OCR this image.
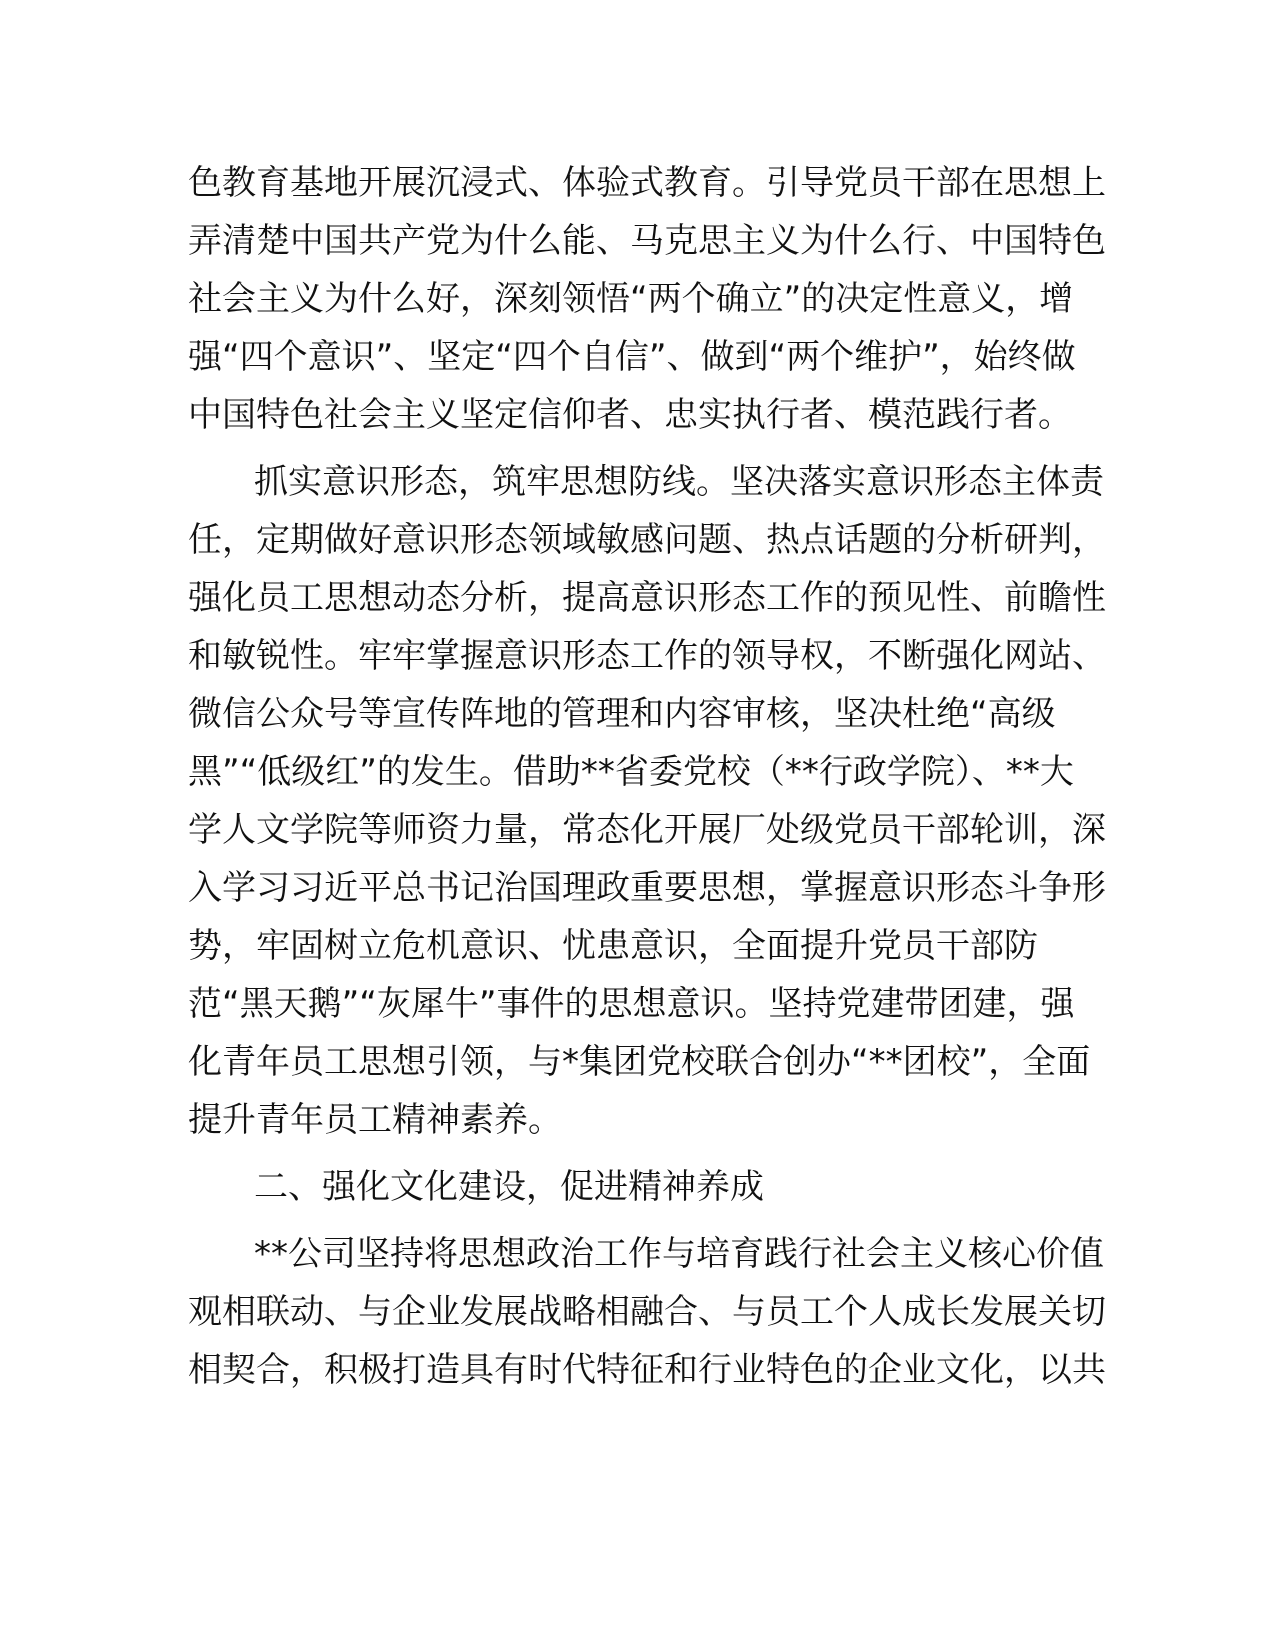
色教育基地开展沉浸式、体验式教育。引导党员干部在思想上
弄清楚中国共产党为什么能、马克思主义为什么行、中国特色
社会主义为什么好，深刻领悟“两个确立”的决定性意义，增
强“四个意识”、坚定“四个自信”、做到“两个维护”，始终做
中国特色社会主义坚定信仰者、忠实执行者、模范践行者。
抓实意识形态，筑牢思想防线。坚决落实意识形态主体责
任，定期做好意识形态领域敏感问题、热点话题的分析研判，
强化员工思想动态分析，提高意识形态工作的预见性、前瞻性
和敏锐性。牢牢掌握意识形态工作的领导权，不断强化网站、
微信公众号等宣传阵地的管理和内容审核，坚决杜绝“高级
黑”“低级红”的发生。借助**省委党校（**行政学院）、**大
学人文学院等师资力量，常态化开展厂处级党员干部轮训，深
入学习习近平总书记治国理政重要思想，掌握意识形态斗争形
势，牢固树立危机意识、忧患意识，全面提升党员干部防
范“黑天鹅”“灰犀牛”事件的思想意识。坚持党建带团建，强
化青年员工思想引领，与*集团党校联合创办“**团校”，全面
提升青年员工精神素养。
二、强化文化建设，促进精神养成
**公司坚持将思想政治工作与培育践行社会主义核心价值
观相联动、与企业发展战略相融合、与员工个人成长发展关切
相契合，积极打造具有时代特征和行业特色的企业文化，以共
